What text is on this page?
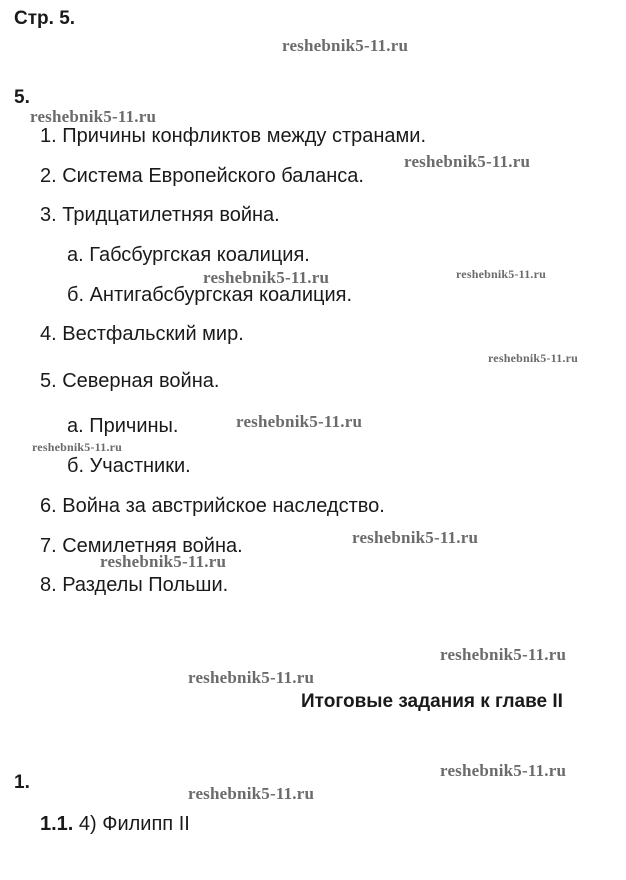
Стр. 5.
5.
1. Причины конфликтов между странами.
2. Система Европейского баланса.
3. Тридцатилетняя война.
а. Габсбургская коалиция.
б. Антигабсбургская коалиция.
4. Вестфальский мир.
5. Северная война.
а. Причины.
б. Участники.
6. Война за австрийское наследство.
7. Семилетняя война.
8. Разделы Польши.
Итоговые задания к главе II
1.
1.1. 4) Филипп II
reshebnik5-11.ru
reshebnik5-11.ru
reshebnik5-11.ru
reshebnik5-11.ru	reshebnik5-11.ru
reshebnik5-11.ru
reshebnik5-11.ru
reshebnik5-11.ru
reshebnik5-11.ru
reshebnik5-11.ru
reshebnik5-11.ru
reshebnik5-11.ru
reshebnik5-11.ru
reshebnik5-11.ru
